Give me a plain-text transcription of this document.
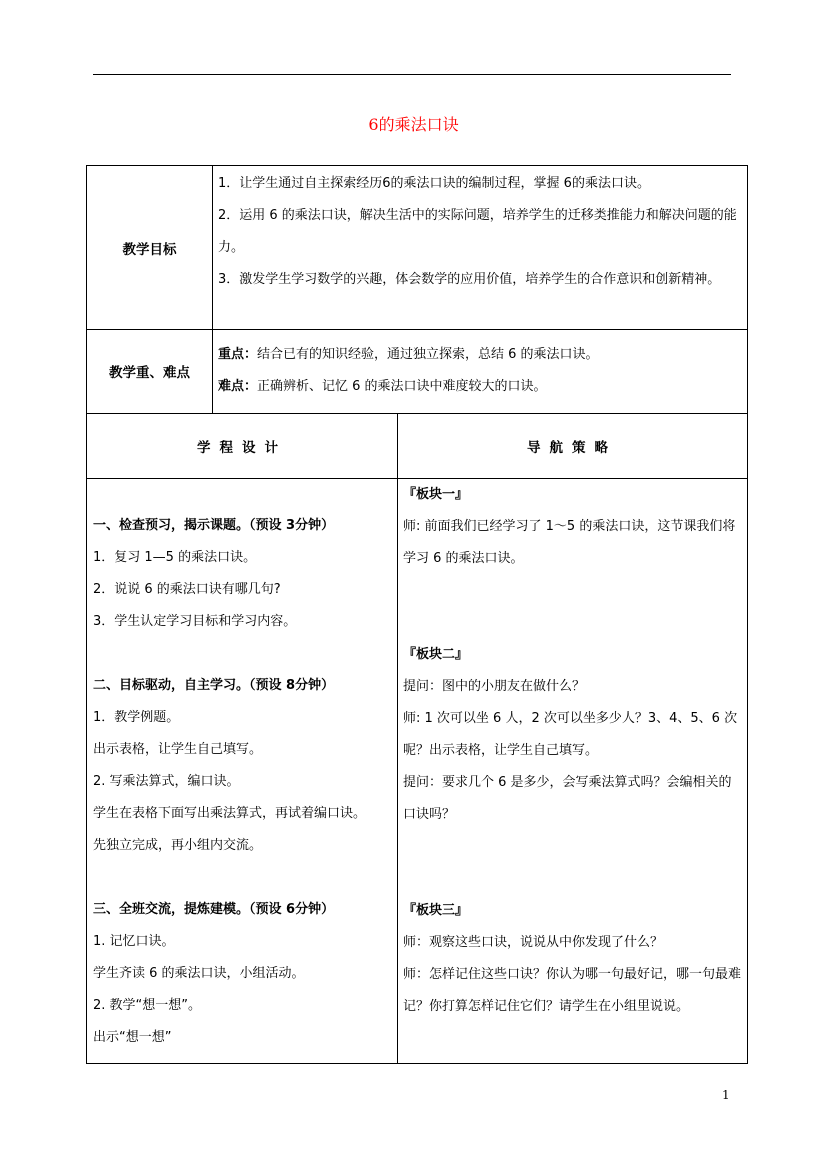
6的乘法口诀
教学目标

1．让学生通过自主探索经历6的乘法口诀的编制过程，掌握 6的乘法口诀。

2．运用 6 的乘法口诀，解决生活中的实际问题，培养学生的迁移类推能力和解决问题的能力。

3．激发学生学习数学的兴趣，体会数学的应用价值，培养学生的合作意识和创新精神。

教学重、难点

重点：结合已有的知识经验，通过独立探索，总结 6 的乘法口诀。

难点：正确辨析、记忆 6 的乘法口诀中难度较大的口诀。

学程设计	导航策略

一、检查预习，揭示课题。（预设 3分钟）

1．复习 1—5 的乘法口诀。

2．说说 6 的乘法口诀有哪几句?

3．学生认定学习目标和学习内容。

二、目标驱动，自主学习。（预设 8分钟）

1．教学例题。

出示表格，让学生自己填写。

2. 写乘法算式，编口诀。

学生在表格下面写出乘法算式，再试着编口诀。

先独立完成，再小组内交流。

三、全班交流，提炼建模。（预设 6分钟）

1. 记忆口诀。

学生齐读 6 的乘法口诀，小组活动。

2. 教学“想一想”。

出示“想一想”

『板块一』

师: 前面我们已经学习了 1～5 的乘法口诀，这节课我们将学习 6 的乘法口诀。

『板块二』

提问：图中的小朋友在做什么？

师: 1 次可以坐 6 人，2 次可以坐多少人？3、4、5、6 次呢？出示表格，让学生自己填写。

提问：要求几个 6 是多少，会写乘法算式吗？会编相关的口诀吗？

『板块三』

师：观察这些口诀，说说从中你发现了什么？

师：怎样记住这些口诀？你认为哪一句最好记，哪一句最难记？你打算怎样记住它们？请学生在小组里说说。

1
